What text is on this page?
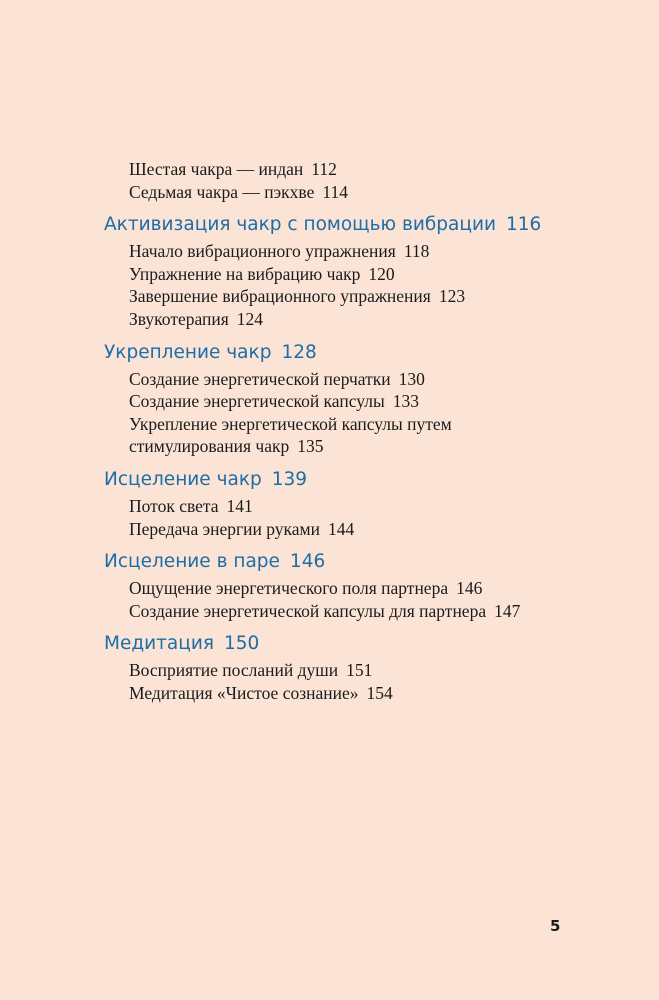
Шестая чакра — индан 112
Седьмая чакра — пэкхве 114
Активизация чакр с помощью вибрации 116
Начало вибрационного упражнения 118
Упражнение на вибрацию чакр 120
Завершение вибрационного упражнения 123
Звукотерапия 124
Укрепление чакр 128
Создание энергетической перчатки 130
Создание энергетической капсулы 133
Укрепление энергетической капсулы путем
стимулирования чакр 135
Исцеление чакр 139
Поток света 141
Передача энергии руками 144
Исцеление в паре 146
Ощущение энергетического поля партнера 146
Создание энергетической капсулы для партнера 147
Медитация 150
Восприятие посланий души 151
Медитация «Чистое сознание» 154
5
